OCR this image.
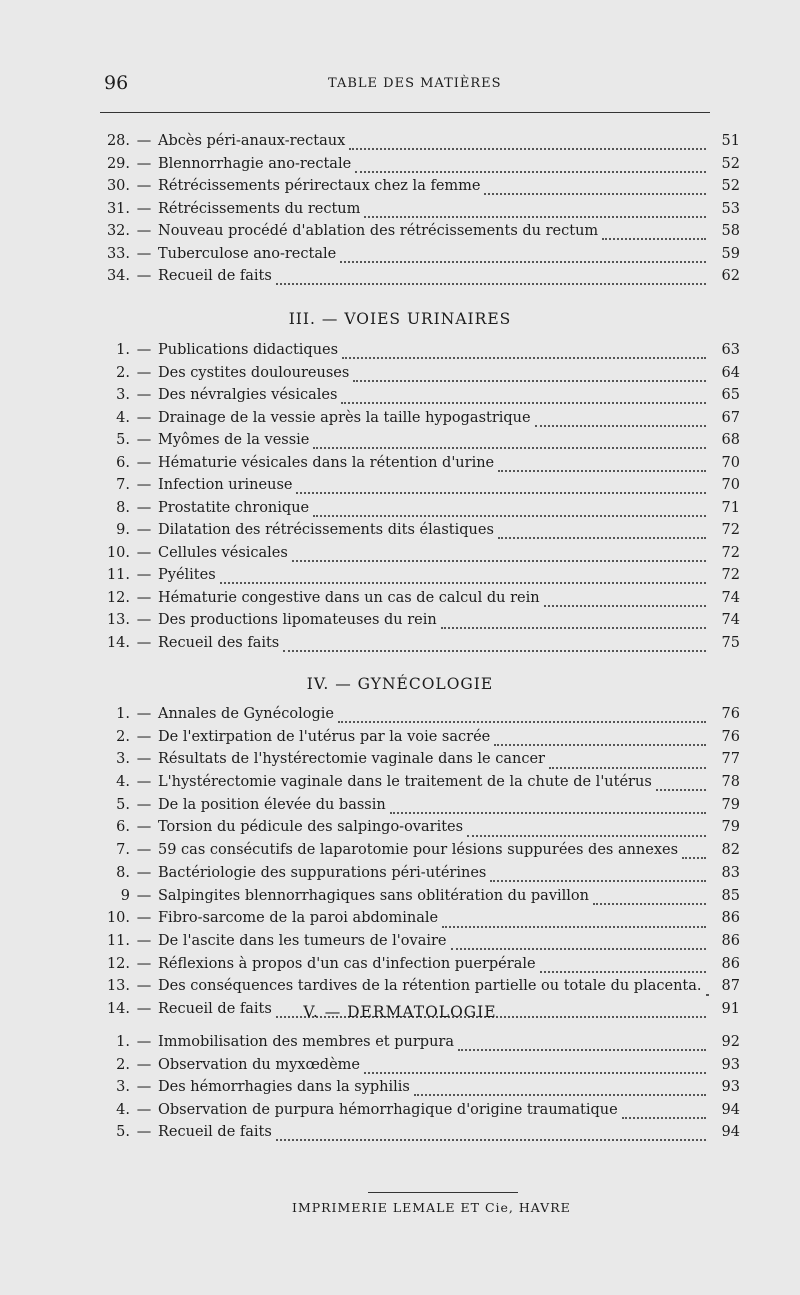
96	TABLE DES MATIÈRES
28. — Abcès péri-anaux-rectaux	51
29. — Blennorrhagie ano-rectale	52
30. — Rétrécissements périrectaux chez la femme	52
31. — Rétrécissements du rectum	53
32. — Nouveau procédé d'ablation des rétrécissements du rectum	58
33. — Tuberculose ano-rectale	59
34. — Recueil de faits	62
III. — VOIES URINAIRES
1. — Publications didactiques	63
2. — Des cystites douloureuses	64
3. — Des névralgies vésicales	65
4. — Drainage de la vessie après la taille hypogastrique	67
5. — Myômes de la vessie	68
6. — Hématurie vésicales dans la rétention d'urine	70
7. — Infection urineuse	70
8. — Prostatite chronique	71
9. — Dilatation des rétrécissements dits élastiques	72
10. — Cellules vésicales	72
11. — Pyélites	72
12. — Hématurie congestive dans un cas de calcul du rein	74
13. — Des productions lipomateuses du rein	74
14. — Recueil des faits	75
IV. — GYNÉCOLOGIE
1. — Annales de Gynécologie	76
2. — De l'extirpation de l'utérus par la voie sacrée	76
3. — Résultats de l'hystérectomie vaginale dans le cancer	77
4. — L'hystérectomie vaginale dans le traitement de la chute de l'utérus	78
5. — De la position élevée du bassin	79
6. — Torsion du pédicule des salpingo-ovarites	79
7. — 59 cas consécutifs de laparotomie pour lésions suppurées des annexes	82
8. — Bactériologie des suppurations péri-utérines	83
9 — Salpingites blennorrhagiques sans oblitération du pavillon	85
10. — Fibro-sarcome de la paroi abdominale	86
11. — De l'ascite dans les tumeurs de l'ovaire	86
12. — Réflexions à propos d'un cas d'infection puerpérale	86
13. — Des conséquences tardives de la rétention partielle ou totale du placenta.	87
14. — Recueil de faits	91
V. — DERMATOLOGIE
1. — Immobilisation des membres et purpura	92
2. — Observation du myxœdème	93
3. — Des hémorrhagies dans la syphilis	93
4. — Observation de purpura hémorrhagique d'origine traumatique	94
5. — Recueil de faits	94
IMPRIMERIE LEMALE ET Cie, HAVRE
